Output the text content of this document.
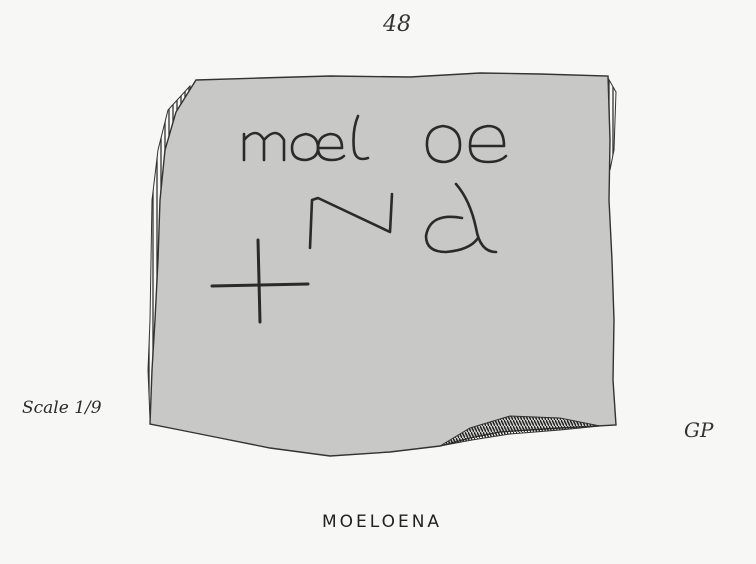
48
Scale 1/9
GP
MOELOENA
